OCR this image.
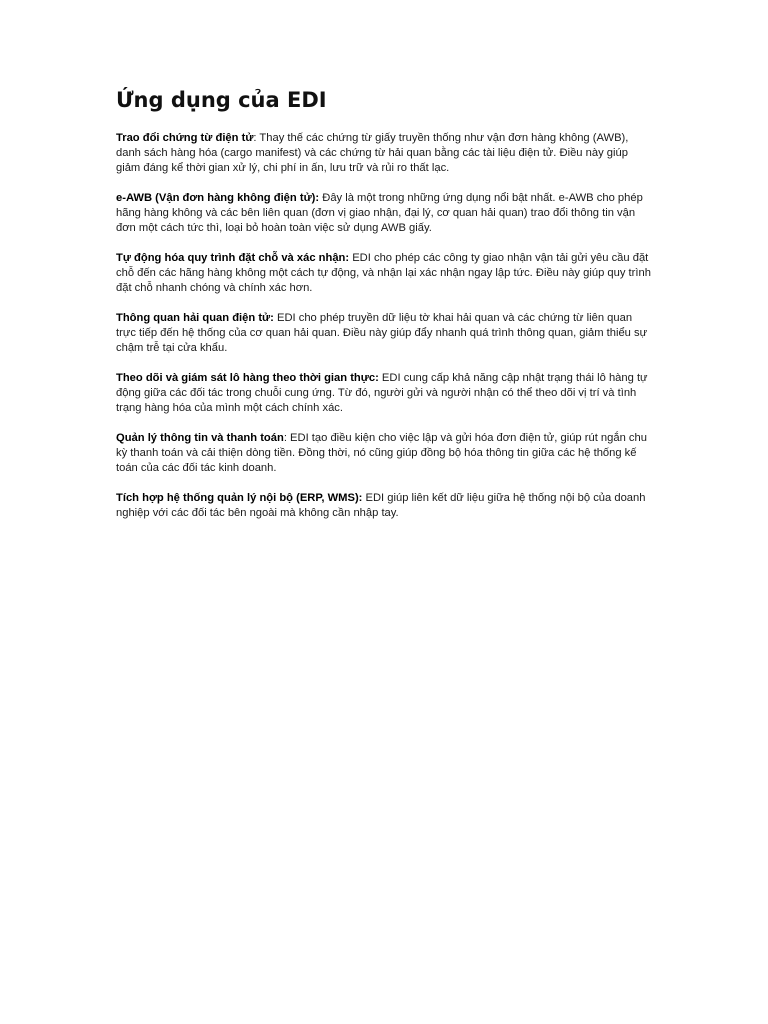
Ứng dụng của EDI

Trao đổi chứng từ điện tử: Thay thế các chứng từ giấy truyền thống như vận đơn hàng không (AWB), danh sách hàng hóa (cargo manifest) và các chứng từ hải quan bằng các tài liệu điện tử. Điều này giúp giảm đáng kể thời gian xử lý, chi phí in ấn, lưu trữ và rủi ro thất lạc.

e-AWB (Vận đơn hàng không điện tử): Đây là một trong những ứng dụng nổi bật nhất. e-AWB cho phép hãng hàng không và các bên liên quan (đơn vị giao nhận, đại lý, cơ quan hải quan) trao đổi thông tin vận đơn một cách tức thì, loại bỏ hoàn toàn việc sử dụng AWB giấy.

Tự động hóa quy trình đặt chỗ và xác nhận: EDI cho phép các công ty giao nhận vận tải gửi yêu cầu đặt chỗ đến các hãng hàng không một cách tự động, và nhận lại xác nhận ngay lập tức. Điều này giúp quy trình đặt chỗ nhanh chóng và chính xác hơn.

Thông quan hải quan điện tử: EDI cho phép truyền dữ liệu tờ khai hải quan và các chứng từ liên quan trực tiếp đến hệ thống của cơ quan hải quan. Điều này giúp đẩy nhanh quá trình thông quan, giảm thiểu sự chậm trễ tại cửa khẩu.

Theo dõi và giám sát lô hàng theo thời gian thực: EDI cung cấp khả năng cập nhật trạng thái lô hàng tự động giữa các đối tác trong chuỗi cung ứng. Từ đó, người gửi và người nhận có thể theo dõi vị trí và tình trạng hàng hóa của mình một cách chính xác.

Quản lý thông tin và thanh toán: EDI tạo điều kiện cho việc lập và gửi hóa đơn điện tử, giúp rút ngắn chu kỳ thanh toán và cải thiện dòng tiền. Đồng thời, nó cũng giúp đồng bộ hóa thông tin giữa các hệ thống kế toán của các đối tác kinh doanh.

Tích hợp hệ thống quản lý nội bộ (ERP, WMS): EDI giúp liên kết dữ liệu giữa hệ thống nội bộ của doanh nghiệp với các đối tác bên ngoài mà không cần nhập tay.
